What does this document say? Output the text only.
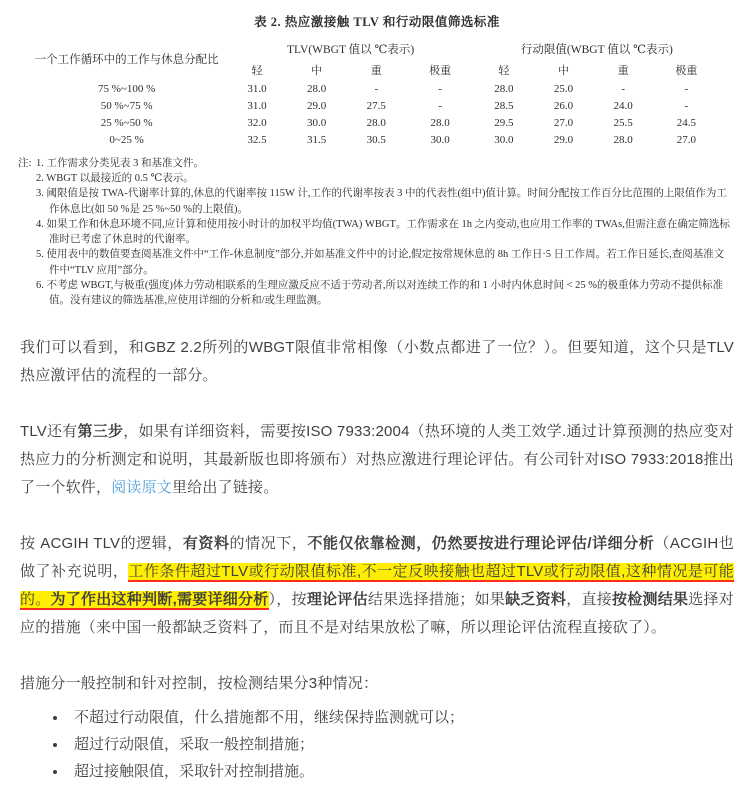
表 2. 热应激接触 TLV 和行动限值筛选标准
一个工作循环中的工作与休息分配比	TLV(WBGT 值以 ℃表示)				行动限值(WBGT 值以 ℃表示)			
	轻	中	重	极重	轻	中	重	极重
75 %~100 %	31.0	28.0	-	-	28.0	25.0	-	-
50 %~75 %	31.0	29.0	27.5	-	28.5	26.0	24.0	-
25 %~50 %	32.0	30.0	28.0	28.0	29.5	27.0	25.5	24.5
0~25 %	32.5	31.5	30.5	30.0	30.0	29.0	28.0	27.0
注: 1. 工作需求分类见表 3 和基准文件。
2. WBGT 以最接近的 0.5 ℃表示。
3. 阈限值是按 TWA-代谢率计算的,休息的代谢率按 115W 计,工作的代谢率按表 3 中的代表性(组中)值计算。时间分配按工作百分比范围的上限值作为工作休息比(如 50 %是 25 %~50 %的上限值)。
4. 如果工作和休息环境不同,应计算和使用按小时计的加权平均值(TWA) WBGT。工作需求在 1h 之内变动,也应用工作率的 TWAs,但需注意在确定筛选标准时已考虑了休息时的代谢率。
5. 使用表中的数值要查阅基准文件中“工作-休息制度”部分,并如基准文件中的讨论,假定按常规休息的 8h 工作日·5 日工作周。若工作日延长,查阅基准文件中“TLV 应用”部分。
6. 不考虑 WBGT,与极重(强度)体力劳动相联系的生理应激反应不适于劳动者,所以对连续工作的和 1 小时内休息时间 < 25 %的极重体力劳动不提供标准值。没有建议的筛选基准,应使用详细的分析和/或生理监测。

我们可以看到，和GBZ 2.2所列的WBGT限值非常相像（小数点都进了一位？）。但要知道，这个只是TLV热应激评估的流程的一部分。

TLV还有第三步，如果有详细资料，需要按ISO 7933:2004（热环境的人类工效学.通过计算预测的热应变对热应力的分析测定和说明，其最新版也即将颁布）对热应激进行理论评估。有公司针对ISO 7933:2018推出了一个软件，阅读原文里给出了链接。

按 ACGIH TLV的逻辑，有资料的情况下，不能仅依靠检测，仍然要按进行理论评估/详细分析（ACGIH也做了补充说明，工作条件超过TLV或行动限值标准,不一定反映接触也超过TLV或行动限值,这种情况是可能的。为了作出这种判断,需要详细分析），按理论评估结果选择措施；如果缺乏资料，直接按检测结果选择对应的措施（来中国一般都缺乏资料了，而且不是对结果放松了嘛，所以理论评估流程直接砍了）。

措施分一般控制和针对控制，按检测结果分3种情况：

• 不超过行动限值，什么措施都不用，继续保持监测就可以；
• 超过行动限值，采取一般控制措施；
• 超过接触限值，采取针对控制措施。
